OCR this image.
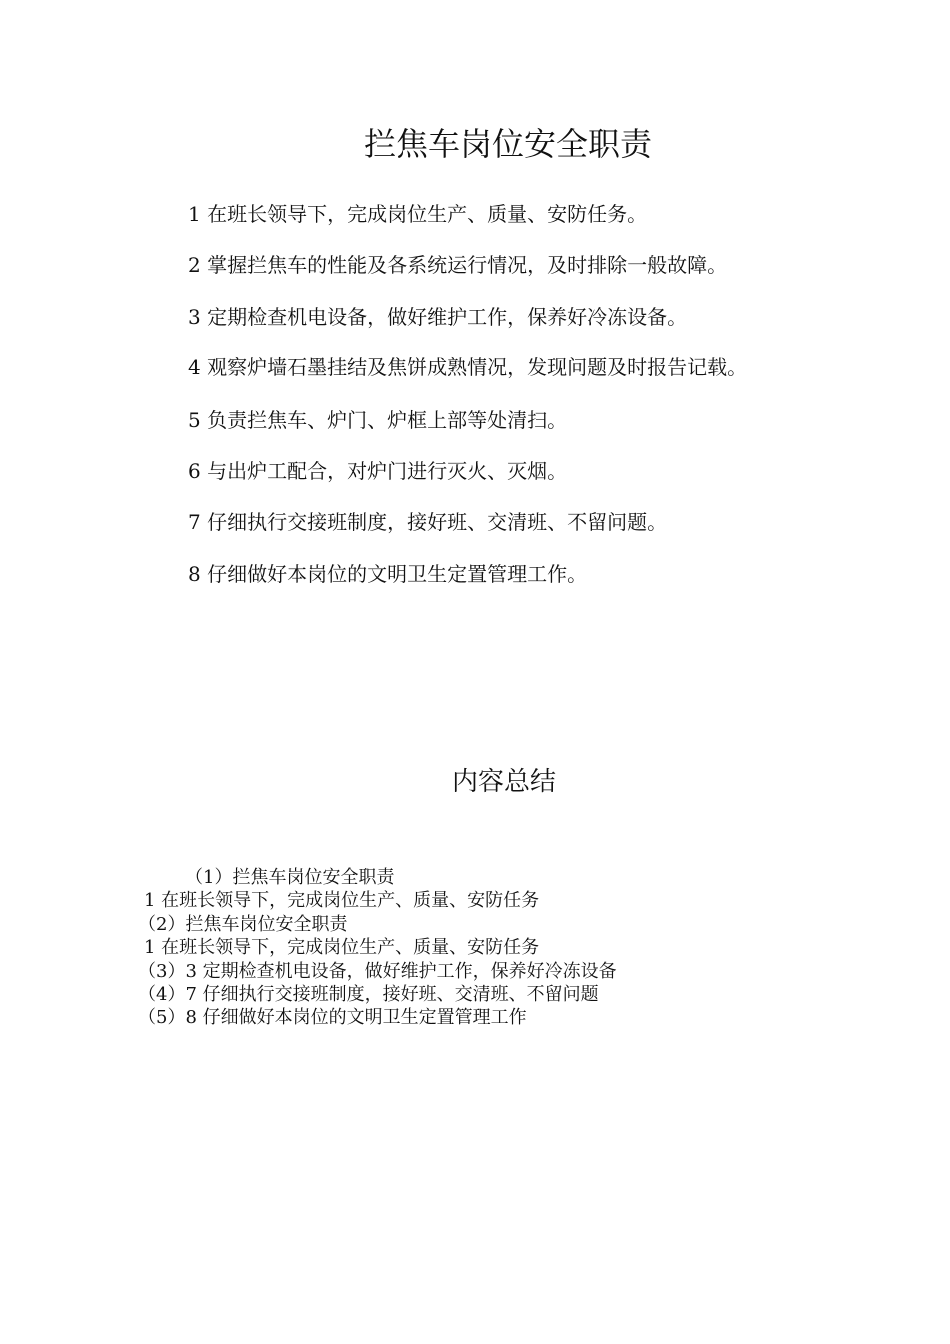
拦焦车岗位安全职责

1 在班长领导下，完成岗位生产、质量、安防任务。

2 掌握拦焦车的性能及各系统运行情况，及时排除一般故障。

3 定期检查机电设备，做好维护工作，保养好冷冻设备。

4 观察炉墙石墨挂结及焦饼成熟情况，发现问题及时报告记载。

5 负责拦焦车、炉门、炉框上部等处清扫。

6 与出炉工配合，对炉门进行灭火、灭烟。

7 仔细执行交接班制度，接好班、交清班、不留问题。

8 仔细做好本岗位的文明卫生定置管理工作。

内容总结

（1）拦焦车岗位安全职责

1 在班长领导下，完成岗位生产、质量、安防任务

（2）拦焦车岗位安全职责

1 在班长领导下，完成岗位生产、质量、安防任务

（3）3 定期检查机电设备，做好维护工作，保养好冷冻设备

（4）7 仔细执行交接班制度，接好班、交清班、不留问题

（5）8 仔细做好本岗位的文明卫生定置管理工作
